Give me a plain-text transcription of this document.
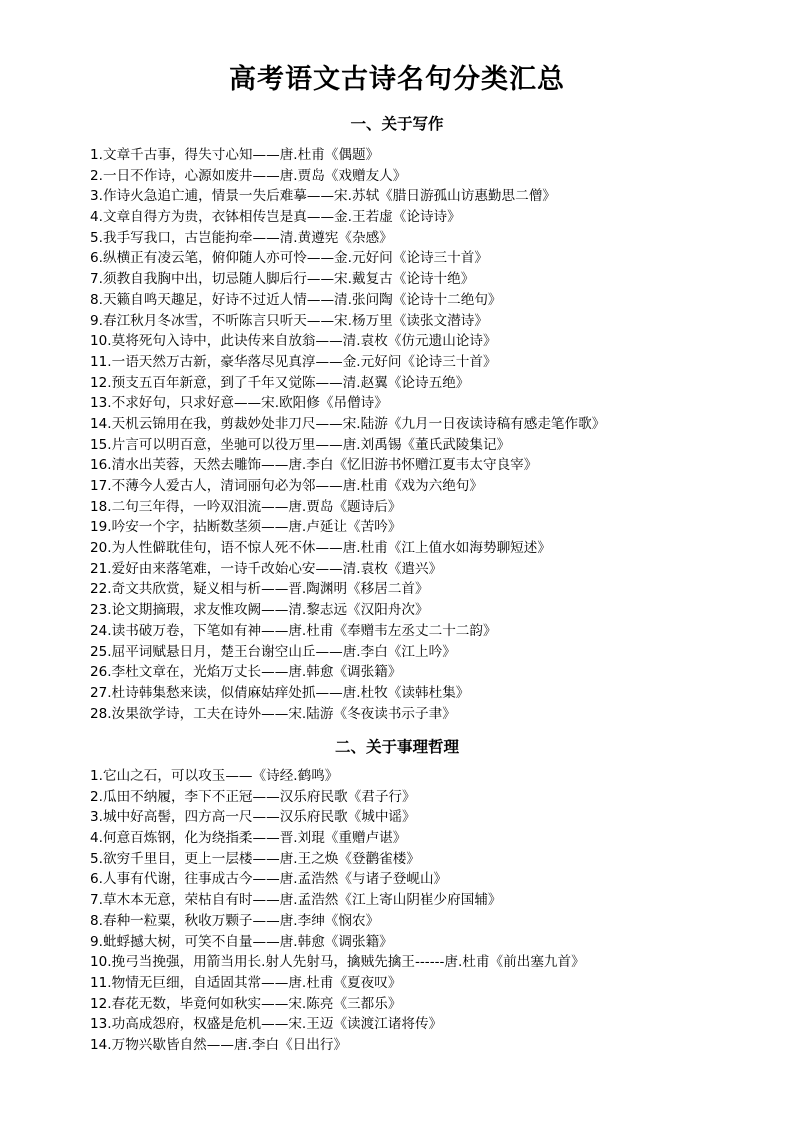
高考语文古诗名句分类汇总
一、关于写作
1.文章千古事，得失寸心知——唐.杜甫《偶题》
2.一日不作诗，心源如废井——唐.贾岛《戏赠友人》
3.作诗火急追亡逋，情景一失后难摹——宋.苏轼《腊日游孤山访惠勤思二僧》
4.文章自得方为贵，衣钵相传岂是真——金.王若虚《论诗诗》
5.我手写我口，古岂能拘牵——清.黄遵宪《杂感》
6.纵横正有凌云笔，俯仰随人亦可怜——金.元好问《论诗三十首》
7.须教自我胸中出，切忌随人脚后行——宋.戴复古《论诗十绝》
8.天籁自鸣天趣足，好诗不过近人情——清.张问陶《论诗十二绝句》
9.春江秋月冬冰雪，不听陈言只听天——宋.杨万里《读张文潜诗》
10.莫将死句入诗中，此诀传来自放翁——清.袁枚《仿元遗山论诗》
11.一语天然万古新，豪华落尽见真淳——金.元好问《论诗三十首》
12.预支五百年新意，到了千年又觉陈——清.赵翼《论诗五绝》
13.不求好句，只求好意——宋.欧阳修《吊僧诗》
14.天机云锦用在我，剪裁妙处非刀尺——宋.陆游《九月一日夜读诗稿有感走笔作歌》
15.片言可以明百意，坐驰可以役万里——唐.刘禹锡《董氏武陵集记》
16.清水出芙蓉，天然去雕饰——唐.李白《忆旧游书怀赠江夏韦太守良宰》
17.不薄今人爱古人，清词丽句必为邻——唐.杜甫《戏为六绝句》
18.二句三年得，一吟双泪流——唐.贾岛《题诗后》
19.吟安一个字，拈断数茎须——唐.卢延让《苦吟》
20.为人性僻耽佳句，语不惊人死不休——唐.杜甫《江上值水如海势聊短述》
21.爱好由来落笔难，一诗千改始心安——清.袁枚《遣兴》
22.奇文共欣赏，疑义相与析——晋.陶渊明《移居二首》
23.论文期摘瑕，求友惟攻阙——清.黎志远《汉阳舟次》
24.读书破万卷，下笔如有神——唐.杜甫《奉赠韦左丞丈二十二韵》
25.屈平词赋悬日月，楚王台谢空山丘——唐.李白《江上吟》
26.李杜文章在，光焰万丈长——唐.韩愈《调张籍》
27.杜诗韩集愁来读，似倩麻姑痒处抓——唐.杜牧《读韩杜集》
28.汝果欲学诗，工夫在诗外——宋.陆游《冬夜读书示子聿》
二、关于事理哲理
1.它山之石，可以攻玉——《诗经.鹤鸣》
2.瓜田不纳履，李下不正冠——汉乐府民歌《君子行》
3.城中好高髻，四方高一尺——汉乐府民歌《城中谣》
4.何意百炼钢，化为绕指柔——晋.刘琨《重赠卢谌》
5.欲穷千里目，更上一层楼——唐.王之焕《登鹳雀楼》
6.人事有代谢，往事成古今——唐.孟浩然《与诸子登岘山》
7.草木本无意，荣枯自有时——唐.孟浩然《江上寄山阴崔少府国辅》
8.春种一粒粟，秋收万颗子——唐.李绅《悯农》
9.蚍蜉撼大树，可笑不自量——唐.韩愈《调张籍》
10.挽弓当挽强，用箭当用长.射人先射马，擒贼先擒王------唐.杜甫《前出塞九首》
11.物情无巨细，自适固其常——唐.杜甫《夏夜叹》
12.春花无数，毕竟何如秋实——宋.陈亮《三都乐》
13.功高成怨府，权盛是危机——宋.王迈《读渡江诸将传》
14.万物兴歇皆自然——唐.李白《日出行》
